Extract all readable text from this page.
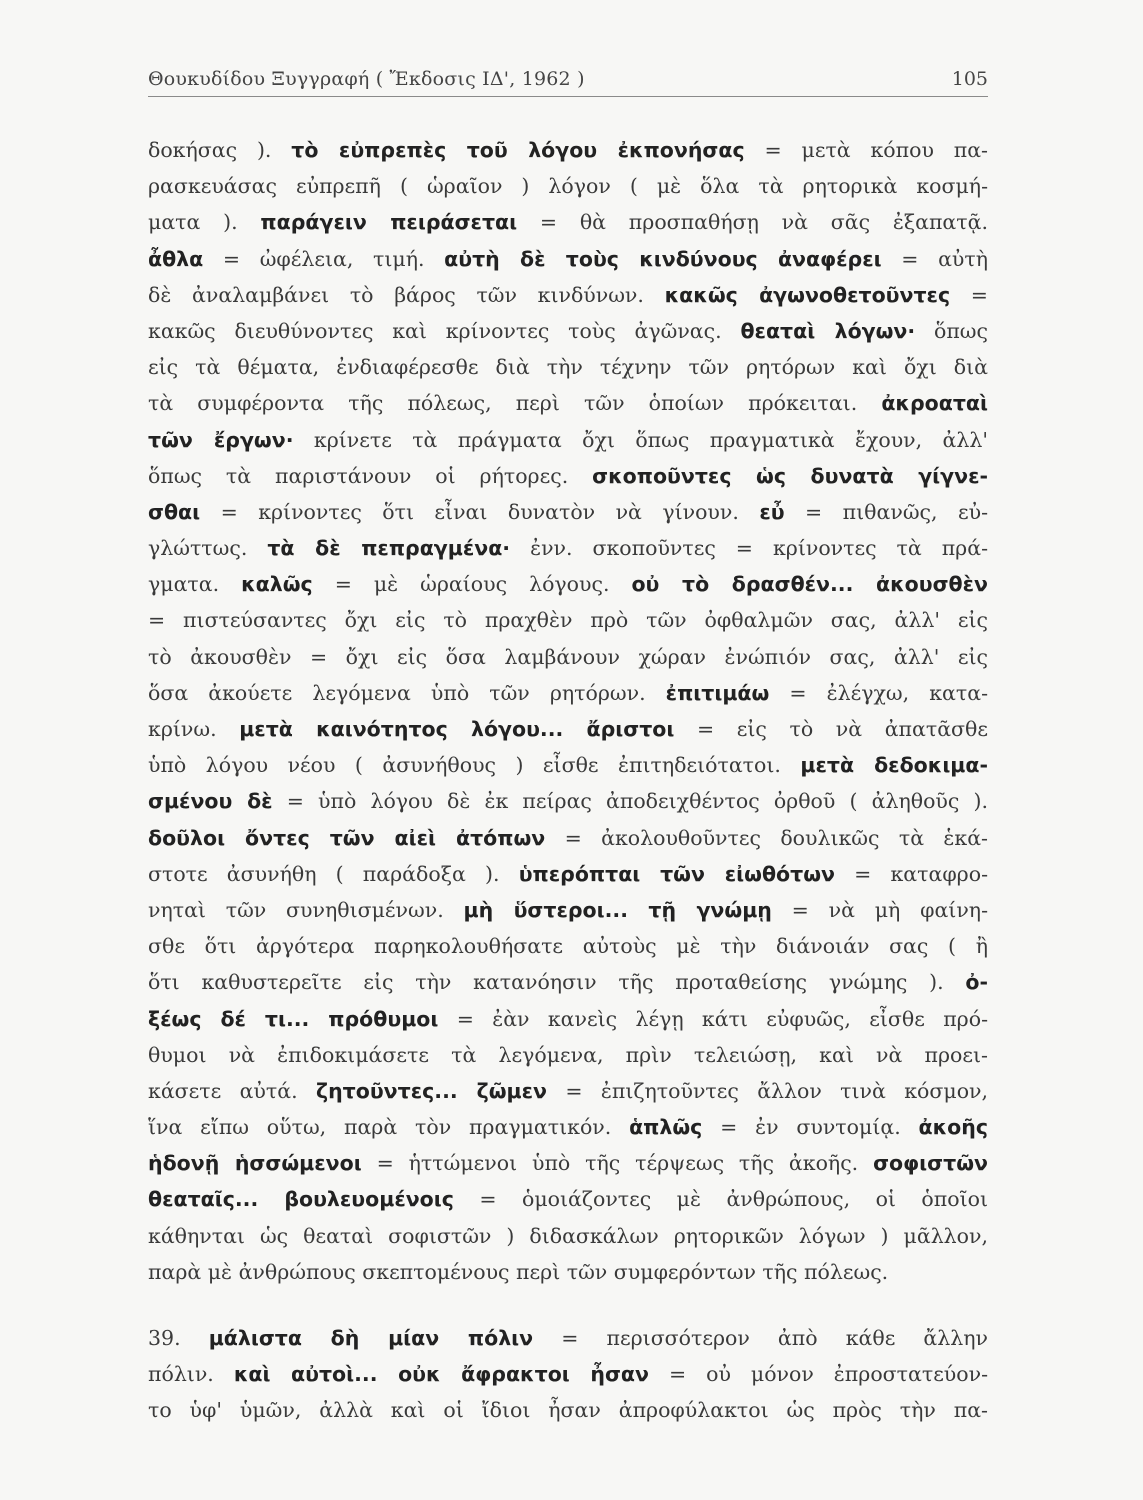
Θουκυδίδου Ξυγγραφή ( Ἔκδοσις ΙΔ', 1962 )	105
δοκήσας ). τὸ εὐπρεπὲς τοῦ λόγου ἐκπονήσας = μετὰ κόπου πα-
ρασκευάσας εὐπρεπῆ ( ὡραῖον ) λόγον ( μὲ ὅλα τὰ ρητορικὰ κοσμή-
ματα ). παράγειν πειράσεται = θὰ προσπαθήσῃ νὰ σᾶς ἐξαπατᾷ.
ἆθλα = ὠφέλεια, τιμή. αὐτὴ δὲ τοὺς κινδύνους ἀναφέρει = αὐτὴ
δὲ ἀναλαμβάνει τὸ βάρος τῶν κινδύνων. κακῶς ἀγωνοθετοῦντες =
κακῶς διευθύνοντες καὶ κρίνοντες τοὺς ἀγῶνας. θεαταὶ λόγων· ὅπως
εἰς τὰ θέματα, ἐνδιαφέρεσθε διὰ τὴν τέχνην τῶν ρητόρων καὶ ὄχι διὰ
τὰ συμφέροντα τῆς πόλεως, περὶ τῶν ὁποίων πρόκειται. ἀκροαταὶ
τῶν ἔργων· κρίνετε τὰ πράγματα ὄχι ὅπως πραγματικὰ ἔχουν, ἀλλ'
ὅπως τὰ παριστάνουν οἱ ρήτορες. σκοποῦντες ὡς δυνατὰ γίγνε-
σθαι = κρίνοντες ὅτι εἶναι δυνατὸν νὰ γίνουν. εὖ = πιθανῶς, εὐ-
γλώττως. τὰ δὲ πεπραγμένα· ἐνν. σκοποῦντες = κρίνοντες τὰ πρά-
γματα. καλῶς = μὲ ὡραίους λόγους. οὐ τὸ δρασθέν... ἀκουσθὲν
= πιστεύσαντες ὄχι εἰς τὸ πραχθὲν πρὸ τῶν ὀφθαλμῶν σας, ἀλλ' εἰς
τὸ ἀκουσθὲν = ὄχι εἰς ὅσα λαμβάνουν χώραν ἐνώπιόν σας, ἀλλ' εἰς
ὅσα ἀκούετε λεγόμενα ὑπὸ τῶν ρητόρων. ἐπιτιμάω = ἐλέγχω, κατα-
κρίνω. μετὰ καινότητος λόγου... ἄριστοι = εἰς τὸ νὰ ἀπατᾶσθε
ὑπὸ λόγου νέου ( ἀσυνήθους ) εἶσθε ἐπιτηδειότατοι. μετὰ δεδοκιμα-
σμένου δὲ = ὑπὸ λόγου δὲ ἐκ πείρας ἀποδειχθέντος ὀρθοῦ ( ἀληθοῦς ).
δοῦλοι ὄντες τῶν αἰεὶ ἀτόπων = ἀκολουθοῦντες δουλικῶς τὰ ἑκά-
στοτε ἀσυνήθη ( παράδοξα ). ὑπερόπται τῶν εἰωθότων = καταφρο-
νηταὶ τῶν συνηθισμένων. μὴ ὕστεροι... τῇ γνώμῃ = νὰ μὴ φαίνη-
σθε ὅτι ἀργότερα παρηκολουθήσατε αὐτοὺς μὲ τὴν διάνοιάν σας ( ἢ
ὅτι καθυστερεῖτε εἰς τὴν κατανόησιν τῆς προταθείσης γνώμης ). ὀ-
ξέως δέ τι... πρόθυμοι = ἐὰν κανεὶς λέγῃ κάτι εὐφυῶς, εἶσθε πρό-
θυμοι νὰ ἐπιδοκιμάσετε τὰ λεγόμενα, πρὶν τελειώσῃ, καὶ νὰ προει-
κάσετε αὐτά. ζητοῦντες... ζῶμεν = ἐπιζητοῦντες ἄλλον τινὰ κόσμον,
ἵνα εἴπω οὕτω, παρὰ τὸν πραγματικόν. ἁπλῶς = ἐν συντομίᾳ. ἀκοῆς
ἡδονῇ ἡσσώμενοι = ἡττώμενοι ὑπὸ τῆς τέρψεως τῆς ἀκοῆς. σοφιστῶν
θεαταῖς... βουλευομένοις = ὁμοιάζοντες μὲ ἀνθρώπους, οἱ ὁποῖοι
κάθηνται ὡς θεαταὶ σοφιστῶν ) διδασκάλων ρητορικῶν λόγων ) μᾶλλον,
παρὰ μὲ ἀνθρώπους σκεπτομένους περὶ τῶν συμφερόντων τῆς πόλεως.
39. μάλιστα δὴ μίαν πόλιν = περισσότερον ἀπὸ κάθε ἄλλην
πόλιν. καὶ αὐτοὶ... οὐκ ἄφρακτοι ἦσαν = οὐ μόνον ἐπροστατεύον-
το ὑφ' ὑμῶν, ἀλλὰ καὶ οἱ ἴδιοι ἦσαν ἀπροφύλακτοι ὡς πρὸς τὴν πα-
